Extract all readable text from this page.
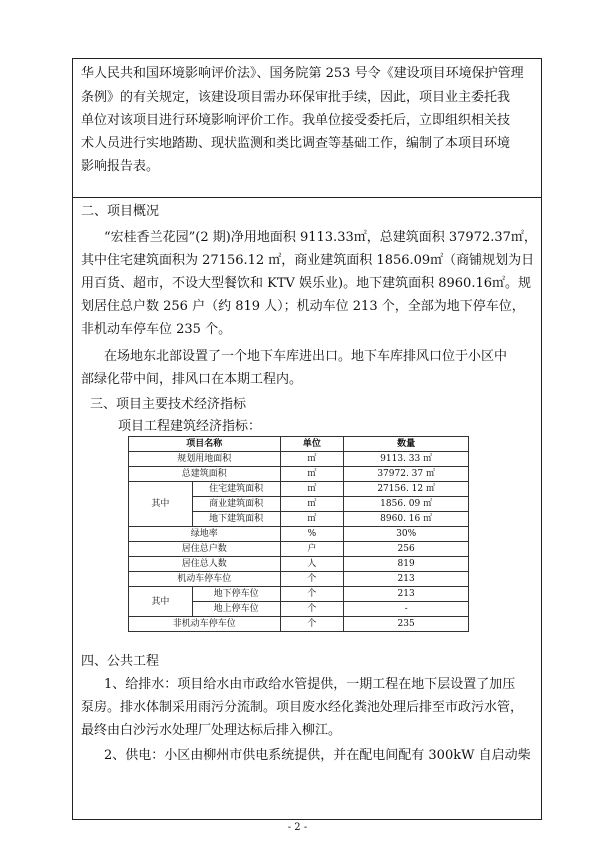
华人民共和国环境影响评价法》、国务院第 253 号令《建设项目环境保护管理
条例》的有关规定，该建设项目需办环保审批手续，因此，项目业主委托我
单位对该项目进行环境影响评价工作。我单位接受委托后，立即组织相关技
术人员进行实地踏勘、现状监测和类比调查等基础工作，编制了本项目环境
影响报告表。
二、项目概况
“宏桂香兰花园”(2 期)净用地面积 9113.33㎡，总建筑面积 37972.37㎡，
其中住宅建筑面积为 27156.12 ㎡，商业建筑面积 1856.09㎡（商铺规划为日
用百货、超市，不设大型餐饮和 KTV 娱乐业)。地下建筑面积 8960.16㎡。规
划居住总户数 256 户（约 819 人）；机动车位 213 个，全部为地下停车位，
非机动车停车位 235 个。
在场地东北部设置了一个地下车库进出口。地下车库排风口位于小区中
部绿化带中间，排风口在本期工程内。
三、项目主要技术经济指标
项目工程建筑经济指标：
项目名称		单位	数量
规划用地面积		㎡	9113. 33 ㎡
总建筑面积		㎡	37972. 37 ㎡
其中	住宅建筑面积	㎡	27156. 12 ㎡
	商业建筑面积	㎡	1856. 09 ㎡
	地下建筑面积	㎡	8960. 16 ㎡
绿地率		%	30%
居住总户数		户	256
居住总人数		人	819
机动车停车位		个	213
其中	地下停车位	个	213
	地上停车位	个	-
非机动车停车位		个	235
四、公共工程
1、给排水：项目给水由市政给水管提供，一期工程在地下层设置了加压
泵房。排水体制采用雨污分流制。项目废水经化粪池处理后排至市政污水管，
最终由白沙污水处理厂处理达标后排入柳江。
2、供电：小区由柳州市供电系统提供，并在配电间配有 300kW 自启动柴
- 2 -
